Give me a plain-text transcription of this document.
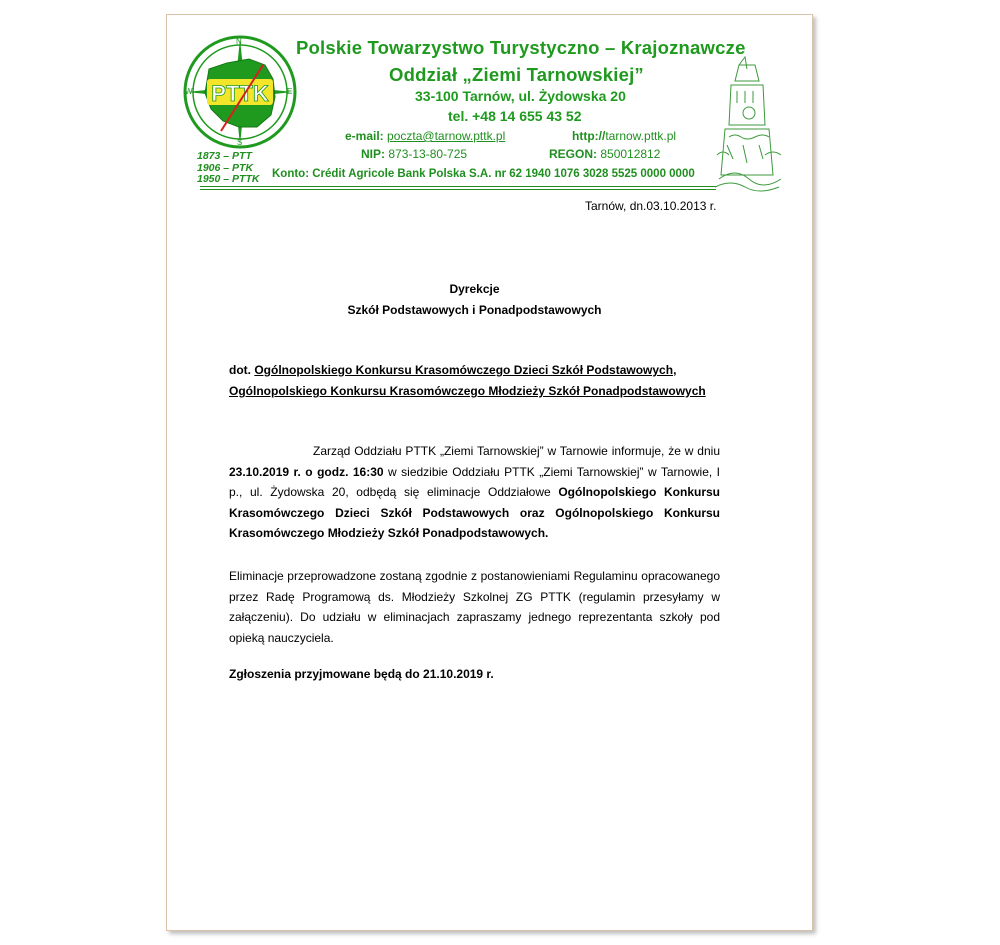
PTTK
N
S
W	E
1873 – PTT
1906 – PTK
1950 – PTTK
Polskie Towarzystwo Turystyczno – Krajoznawcze
Oddział „Ziemi Tarnowskiej”
33-100 Tarnów, ul. Żydowska 20
tel. +48 14 655 43 52
e-mail: poczta@tarnow.pttk.pl	http://tarnow.pttk.pl
NIP: 873-13-80-725	REGON: 850012812
Konto: Crédit Agricole Bank Polska S.A. nr 62 1940 1076 3028 5525 0000 0000
Tarnów, dn.03.10.2013 r.
Dyrekcje
Szkół Podstawowych i Ponadpodstawowych
dot. Ogólnopolskiego Konkursu Krasomówczego Dzieci Szkół Podstawowych,
Ogólnopolskiego Konkursu Krasomówczego Młodzieży Szkół Ponadpodstawowych
Zarząd Oddziału PTTK „Ziemi Tarnowskiej” w Tarnowie informuje, że w dniu 23.10.2019 r. o godz. 16:30 w siedzibie Oddziału PTTK „Ziemi Tarnowskiej” w Tarnowie, I p., ul. Żydowska 20, odbędą się eliminacje Oddziałowe Ogólnopolskiego Konkursu Krasomówczego Dzieci Szkół Podstawowych oraz Ogólnopolskiego Konkursu Krasomówczego Młodzieży Szkół Ponadpodstawowych.
Eliminacje przeprowadzone zostaną zgodnie z postanowieniami Regulaminu opracowanego przez Radę Programową ds. Młodzieży Szkolnej ZG PTTK (regulamin przesyłamy w załączeniu). Do udziału w eliminacjach zapraszamy jednego reprezentanta szkoły pod opieką nauczyciela.
Zgłoszenia przyjmowane będą do 21.10.2019 r.
